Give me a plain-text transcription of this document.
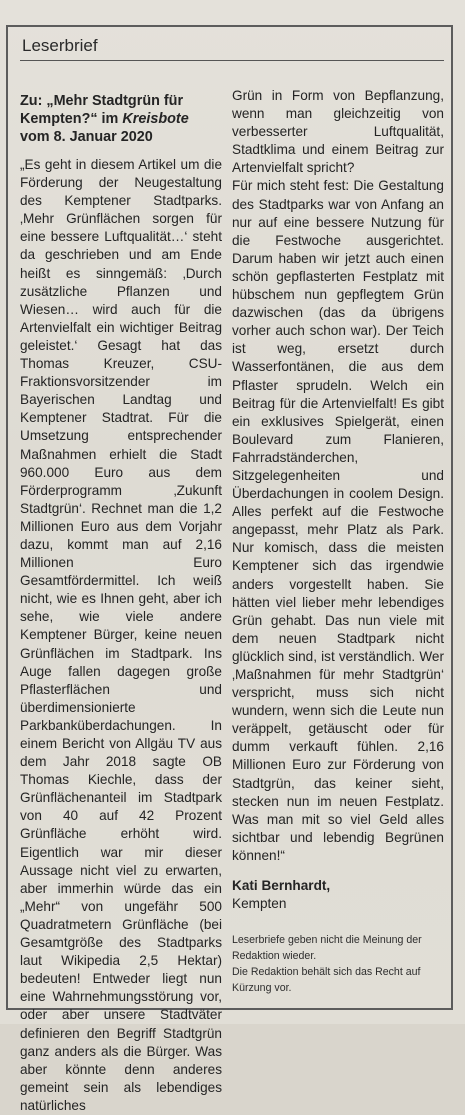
Leserbrief

Zu: „Mehr Stadtgrün für Kempten?“ im Kreisbote vom 8. Januar 2020

„Es geht in diesem Artikel um die Förderung der Neugestaltung des Kemptener Stadtparks. ‚Mehr Grünflächen sorgen für eine bessere Luftqualität…‘ steht da geschrieben und am Ende heißt es sinngemäß: ‚Durch zusätzliche Pflanzen und Wiesen… wird auch für die Artenvielfalt ein wichtiger Beitrag geleistet.‘ Gesagt hat das Thomas Kreuzer, CSU-Fraktionsvorsitzender im Bayerischen Landtag und Kemptener Stadtrat. Für die Umsetzung entsprechender Maßnahmen erhielt die Stadt 960.000 Euro aus dem Förderprogramm ‚Zukunft Stadtgrün‘. Rechnet man die 1,2 Millionen Euro aus dem Vorjahr dazu, kommt man auf 2,16 Millionen Euro Gesamtfördermittel. Ich weiß nicht, wie es Ihnen geht, aber ich sehe, wie viele andere Kemptener Bürger, keine neuen Grünflächen im Stadtpark. Ins Auge fallen dagegen große Pflasterflächen und überdimensionierte Parkbanküberdachungen. In einem Bericht von Allgäu TV aus dem Jahr 2018 sagte OB Thomas Kiechle, dass der Grünflächenanteil im Stadtpark von 40 auf 42 Prozent Grünfläche erhöht wird. Eigentlich war mir dieser Aussage nicht viel zu erwarten, aber immerhin würde das ein „Mehr“ von ungefähr 500 Quadratmetern Grünfläche (bei Gesamtgröße des Stadtparks laut Wikipedia 2,5 Hektar) bedeuten! Entweder liegt nun eine Wahrnehmungsstörung vor, oder aber unsere Stadtväter definieren den Begriff Stadtgrün ganz anders als die Bürger. Was aber könnte denn anderes gemeint sein als lebendiges natürliches

Grün in Form von Bepflanzung, wenn man gleichzeitig von verbesserter Luftqualität, Stadtklima und einem Beitrag zur Artenvielfalt spricht?

Für mich steht fest: Die Gestaltung des Stadtparks war von Anfang an nur auf eine bessere Nutzung für die Festwoche ausgerichtet. Darum haben wir jetzt auch einen schön gepflasterten Festplatz mit hübschem nun gepflegtem Grün dazwischen (das da übrigens vorher auch schon war). Der Teich ist weg, ersetzt durch Wasserfontänen, die aus dem Pflaster sprudeln. Welch ein Beitrag für die Artenvielfalt! Es gibt ein exklusives Spielgerät, einen Boulevard zum Flanieren, Fahrradständerchen, Sitzgelegenheiten und Überdachungen in coolem Design. Alles perfekt auf die Festwoche angepasst, mehr Platz als Park. Nur komisch, dass die meisten Kemptener sich das irgendwie anders vorgestellt haben. Sie hätten viel lieber mehr lebendiges Grün gehabt. Das nun viele mit dem neuen Stadtpark nicht glücklich sind, ist verständlich. Wer ‚Maßnahmen für mehr Stadtgrün‘ verspricht, muss sich nicht wundern, wenn sich die Leute nun veräppelt, getäuscht oder für dumm verkauft fühlen. 2,16 Millionen Euro zur Förderung von Stadtgrün, das keiner sieht, stecken nun im neuen Festplatz. Was man mit so viel Geld alles sichtbar und lebendig Begrünen können!“

Kati Bernhardt,
Kempten

Leserbriefe geben nicht die Meinung der Redaktion wieder.
Die Redaktion behält sich das Recht auf Kürzung vor.
